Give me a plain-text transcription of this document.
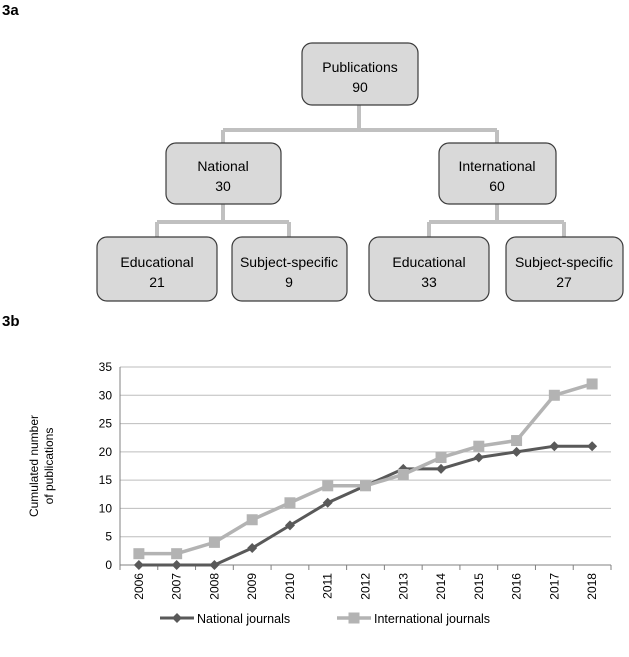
3a
3b
Publications
90
National
30
International
60
Educational
21
Subject-specific
9
Educational
33
Subject-specific
27
0
5
10
15
20
25
30
35
2006 2007 2008 2009 2010 2011 2012 2013 2014 2015 2016 2017 2018
Cumulated number of publications
National journals	International journals
